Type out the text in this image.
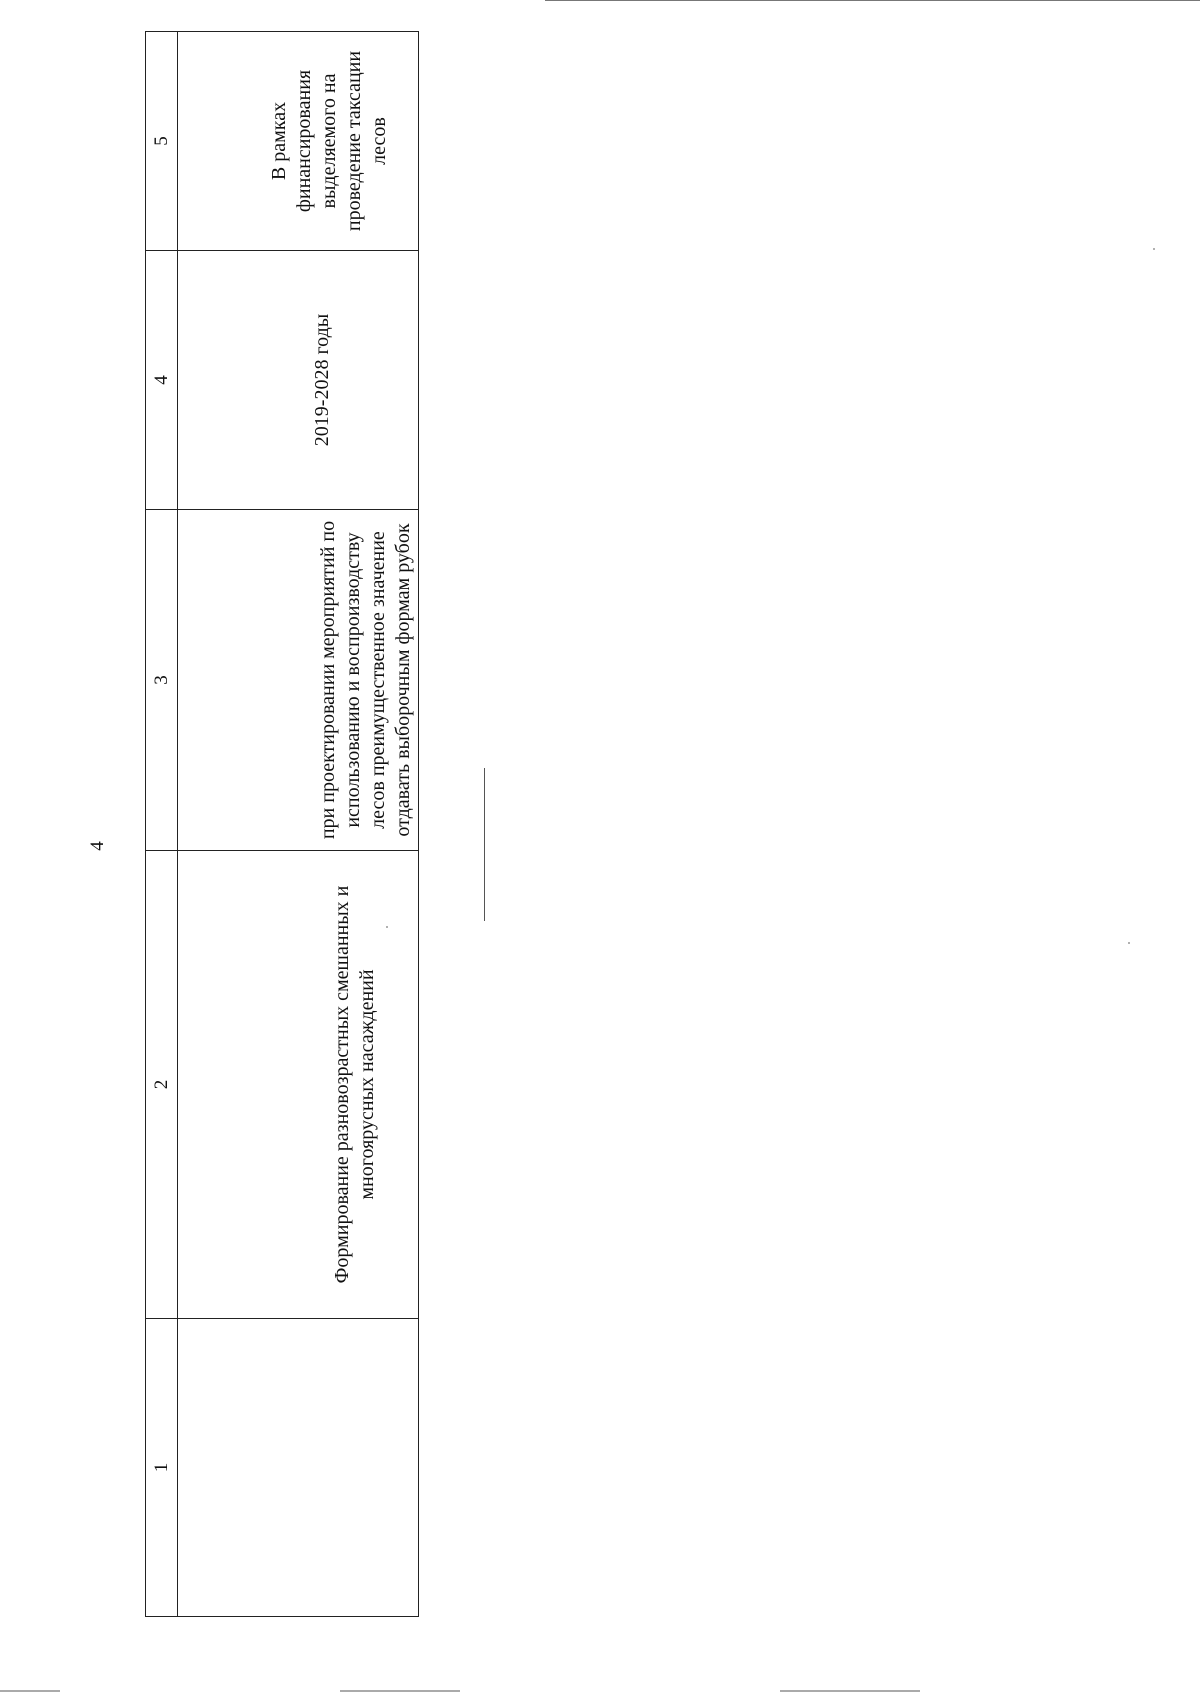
4
1	2	3	4	5
	Формирование разновозрастных смешанных и многоярусных насаждений	при проектировании мероприятий по использованию и воспроизводству лесов преимущественное значение отдавать выборочным формам рубок	2019-2028 годы	В рамках финансирования выделяемого на проведение таксации лесов
